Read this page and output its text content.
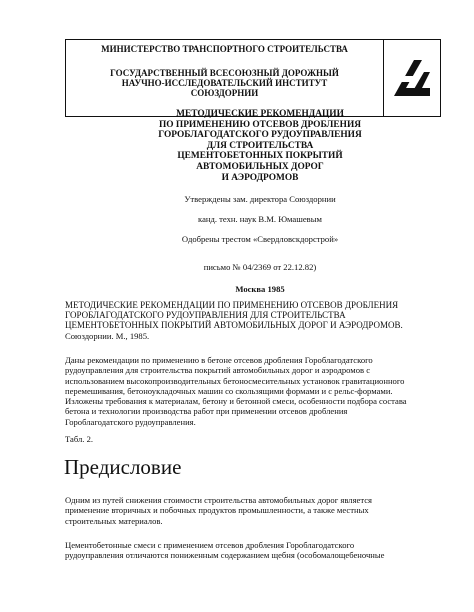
МИНИСТЕРСТВО ТРАНСПОРТНОГО СТРОИТЕЛЬСТВА
ГОСУДАРСТВЕННЫЙ ВСЕСОЮЗНЫЙ ДОРОЖНЫЙ
НАУЧНО-ИССЛЕДОВАТЕЛЬСКИЙ ИНСТИТУТ
СОЮЗДОРНИИ
МЕТОДИЧЕСКИЕ РЕКОМЕНДАЦИИ
ПО ПРИМЕНЕНИЮ ОТСЕВОВ ДРОБЛЕНИЯ
ГОРОБЛАГОДАТСКОГО РУДОУПРАВЛЕНИЯ
ДЛЯ СТРОИТЕЛЬСТВА
ЦЕМЕНТОБЕТОННЫХ ПОКРЫТИЙ
АВТОМОБИЛЬНЫХ ДОРОГ
И АЭРОДРОМОВ
Утверждены зам. директора Союздорнии
канд. техн. наук В.М. Юмашевым
Одобрены трестом «Свердловскдорстрой»
письмо № 04/2369 от 22.12.82)
Москва 1985
МЕТОДИЧЕСКИЕ РЕКОМЕНДАЦИИ ПО ПРИМЕНЕНИЮ ОТСЕВОВ ДРОБЛЕНИЯ
ГОРОБЛАГОДАТСКОГО РУДОУПРАВЛЕНИЯ ДЛЯ СТРОИТЕЛЬСТВА
ЦЕМЕНТОБЕТОННЫХ ПОКРЫТИЙ АВТОМОБИЛЬНЫХ ДОРОГ И АЭРОДРОМОВ.
Союздорнии. М., 1985.
Даны рекомендации по применению в бетоне отсевов дробления Гороблагодатского
рудоуправления для строительства покрытий автомобильных дорог и аэродромов с
использованием высокопроизводительных бетоносмесительных установок гравитационного
перемешивания, бетоноукладочных машин со скользящими формами и с рельс-формами.
Изложены требования к материалам, бетону и бетонной смеси, особенности подбора состава
бетона и технологии производства работ при применении отсевов дробления
Гороблагодатского рудоуправления.
Табл. 2.
Предисловие
Одним из путей снижения стоимости строительства автомобильных дорог является
применение вторичных и побочных продуктов промышленности, а также местных
строительных материалов.
Цементобетонные смеси с применением отсевов дробления Гороблагодатского
рудоуправления отличаются пониженным содержанием щебня (особомалощебеночные
